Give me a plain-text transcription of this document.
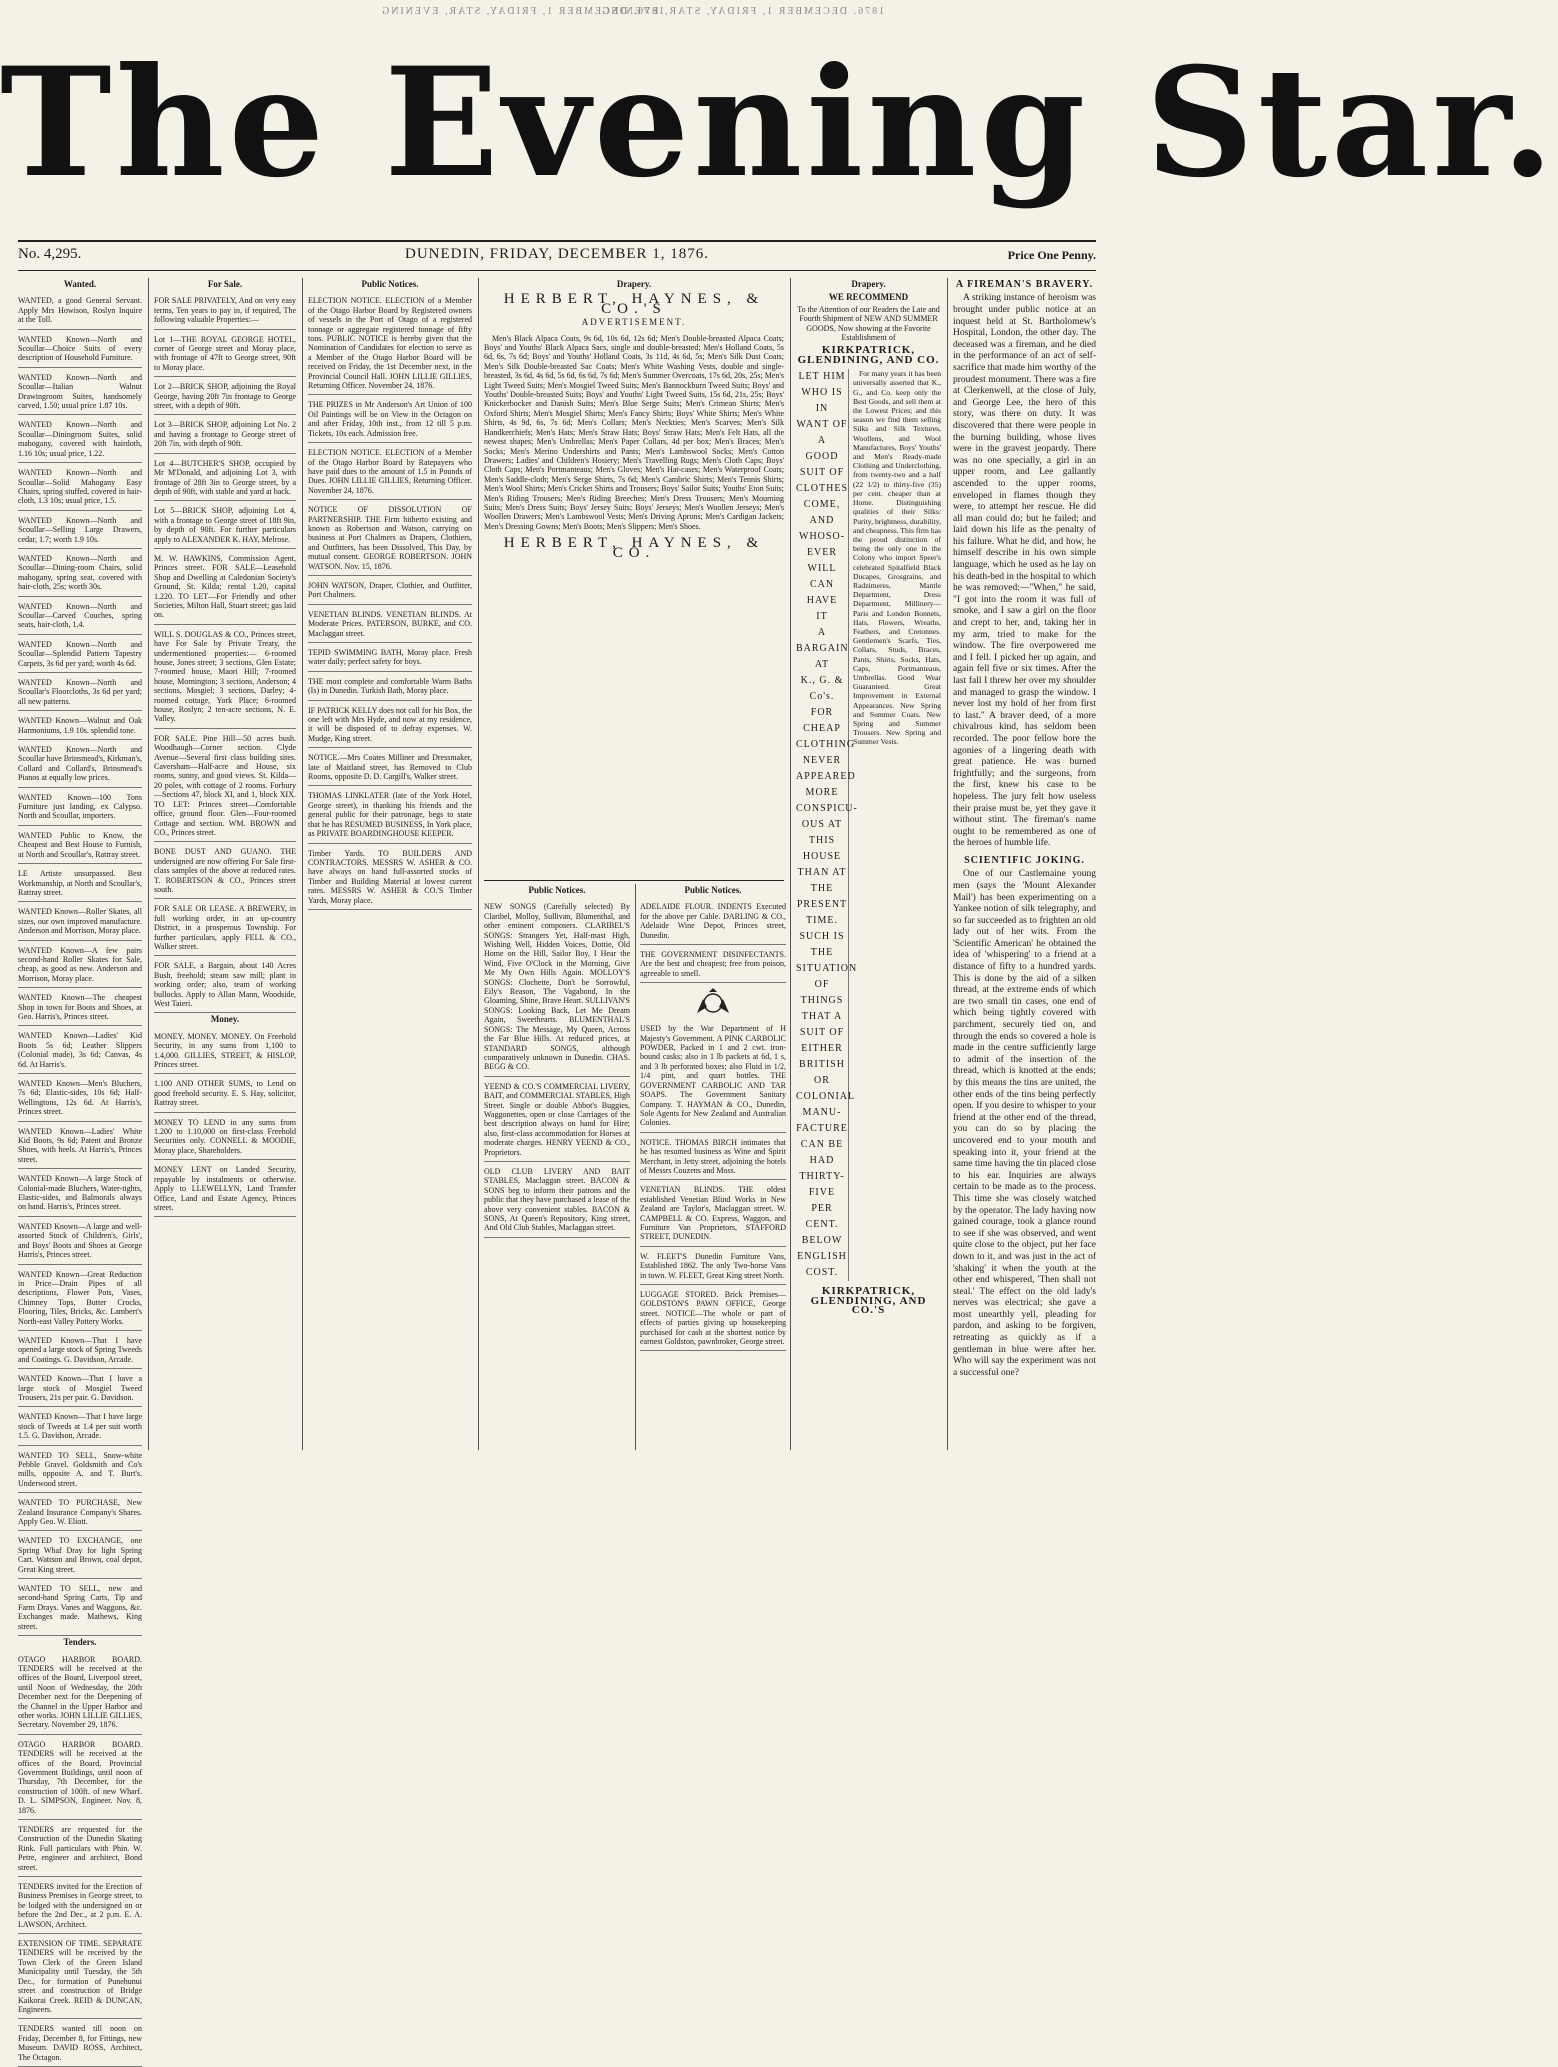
1876. DECEMBER 1, FRIDAY, STAR, EVENING
1876. DECEMBER 1, FRIDAY, STAR, EVENING
The Evening Star.
No. 4,295.	DUNEDIN, FRIDAY, DECEMBER 1, 1876.	Price One Penny.
Wanted.
WANTED, a good General Servant. Apply Mrs Howison, Roslyn Inquire at the Toll.
WANTED Known—North and Scoullar—Choice Suits of every description of Household Furniture.
WANTED Known—North and Scoullar—Italian Walnut Drawingroom Suites, handsomely carved, 1.50; usual price 1.87 10s.
WANTED Known—North and Scoullar—Diningroom Suites, solid mahogany, covered with hairdoth, 1.16 10s; usual price, 1.22.
WANTED Known—North and Scoullar—Solid Mahogany Easy Chairs, spring stuffed, covered in hair-cloth, 1.3 10s; usual price, 1.5.
WANTED Known—North and Scoullar—Selling Large Drawers, cedar, 1.7; worth 1.9 10s.
WANTED Known—North and Scoullar—Dining-room Chairs, solid mahogany, spring seat, covered with hair-cloth, 25s; worth 30s.
WANTED Known—North and Scoullar—Carved Couches, spring seats, hair-cloth, 1.4.
WANTED Known—North and Scoullar—Splendid Pattern Tapestry Carpets, 3s 6d per yard; worth 4s 6d.
WANTED Known—North and Scoullar's Floorcloths, 3s 6d per yard; all new patterns.
WANTED Known—Walnut and Oak Harmoniums, 1.9 10s. splendid tone.
WANTED Known—North and Scoullar have Brinsmead's, Kirkman's, Collard and Collard's, Brinsmead's Pianos at equally low prices.
WANTED Known—100 Tons Furniture just landing, ex Calypso. North and Scoullar, importers.
WANTED Public to Know, the Cheapest and Best House to Furnish, at North and Scoullar's, Rattray street.
LE Artiste unsurpassed. Best Workmanship, at North and Scoullar's, Rattray street.
WANTED Known—Roller Skates, all sizes, our own improved manufacture. Anderson and Morrison, Moray place.
WANTED Known—A few pairs second-hand Roller Skates for Sale, cheap, as good as new. Anderson and Morrison, Moray place.
WANTED Known—The cheapest Shop in town for Boots and Shoes, at Geo. Harris's, Princes street.
WANTED Known—Ladies' Kid Boots 5s 6d; Leather Slippers (Colonial made), 3s 6d; Canvas, 4s 6d. At Harris's.
WANTED Known—Men's Bluchers, 7s 6d; Elastic-sides, 10s 6d; Half-Wellingtons, 12s 6d. At Harris's, Princes street.
WANTED Known—Ladies' White Kid Boots, 9s 6d; Patent and Bronze Shoes, with heels. At Harris's, Princes street.
WANTED Known—A large Stock of Colonial-made Bluchers, Water-tights, Elastic-sides, and Balmorals always on hand. Harris's, Princes street.
WANTED Known—A large and well-assorted Stock of Children's, Girls', and Boys' Boots and Shoes at George Harris's, Princes street.
WANTED Known—Great Reduction in Price—Drain Pipes of all descriptions, Flower Pots, Vases, Chimney Tops, Butter Crocks, Flooring, Tiles, Bricks, &c. Lambert's North-east Valley Pottery Works.
WANTED Known—That I have opened a large stock of Spring Tweeds and Coatings. G. Davidson, Arcade.
WANTED Known—That I have a large stock of Mosgiel Tweed Trousers, 21s per pair. G. Davidson.
WANTED Known—That I have large stock of Tweeds at 1.4 per suit worth 1.5. G. Davidson, Arcade.
WANTED TO SELL, Snow-white Pebble Gravel. Goldsmith and Co's mills, opposite A. and T. Burt's. Underwood street.
WANTED TO PURCHASE, New Zealand Insurance Company's Shares. Apply Geo. W. Eliott.
WANTED TO EXCHANGE, one Spring Whaf Dray for light Spring Cart. Wattson and Brown, coal depot, Great King street.
WANTED TO SELL, new and second-hand Spring Carts, Tip and Farm Drays. Vanes and Waggons, &c. Exchanges made. Mathews, King street.
Tenders.
OTAGO HARBOR BOARD. TENDERS will be received at the offices of the Board, Liverpool street, until Noon of Wednesday, the 20th December next for the Deepening of the Channel in the Upper Harbor and other works. JOHN LILLIE GILLIES, Secretary. November 29, 1876.
OTAGO HARBOR BOARD. TENDERS will be received at the offices of the Board, Provincial Government Buildings, until noon of Thursday, 7th December, for the construction of 100ft. of new Wharf. D. L. SIMPSON, Engineer. Nov. 8, 1876.
TENDERS are requested for the Construction of the Dunedin Skating Rink. Full particulars with Phin. W. Petre, engineer and architect, Bond street.
TENDERS invited for the Erection of Business Premises in George street, to be lodged with the undersigned on or before the 2nd Dec., at 2 p.m. E. A. LAWSON, Architect.
EXTENSION OF TIME. SEPARATE TENDERS will be received by the Town Clerk of the Green Island Municipality until Tuesday, the 5th Dec., for formation of Punehunui street and construction of Bridge Kaikorai Creek. REID & DUNCAN, Engineers.
TENDERS wanted till noon on Friday, December 8, for Fittings, new Museum. DAVID ROSS, Architect, The Octagon.
For Sale.
FOR SALE PRIVATELY, And on very easy terms, Ten years to pay in, if required, The following valuable Properties:—
Lot 1—THE ROYAL GEORGE HOTEL, corner of George street and Moray place, with frontage of 47ft to George street, 90ft to Moray place.
Lot 2—BRICK SHOP, adjoining the Royal George, having 20ft 7in frontage to George street, with a depth of 90ft.
Lot 3—BRICK SHOP, adjoining Lot No. 2 and having a frontage to George street of 20ft 7in, with depth of 90ft.
Lot 4—BUTCHER'S SHOP, occupied by Mr M'Donald, and adjoining Lot 3, with frontage of 28ft 3in to George street, by a depth of 90ft, with stable and yard at back.
Lot 5—BRICK SHOP, adjoining Lot 4, with a frontage to George street of 18ft 9in, by depth of 90ft. For further particulars apply to ALEXANDER K. HAY, Melrose.
M. W. HAWKINS, Commission Agent, Princes street. FOR SALE—Leasehold Shop and Dwelling at Caledonian Society's Ground, St. Kilda; rental 1.20, capital 1.220. TO LET—For Friendly and other Societies, Milton Hall, Stuart street; gas laid on.
WILL S. DOUGLAS & CO., Princes street, have For Sale by Private Treaty, the undermentioned properties:— 6-roomed house, Jones street; 3 sections, Glen Estate; 7-roomed house, Maori Hill; 7-roomed house, Mornington; 3 sections, Anderson; 4 sections, Mosgiel; 3 sections, Darley; 4-roomed cottage, York Place; 6-roomed house, Roslyn; 2 ten-acre sections, N. E. Valley.
FOR SALE. Pine Hill—50 acres bush. Woodhaugh—Corner section. Clyde Avenue—Several first class building sites. Caversham—Half-acre and House, six rooms, sunny, and good views. St. Kilda—20 poles, with cottage of 2 rooms. Forbury—Sections 47, block XI, and 1, block XIX. TO LET: Princes street—Comfortable office, ground floor. Glen—Four-roomed Cottage and section. WM. BROWN and CO., Princes street.
BONE DUST AND GUANO. THE undersigned are now offering For Sale first-class samples of the above at reduced rates. T. ROBERTSON & CO., Princes street south.
FOR SALE OR LEASE. A BREWERY, in full working order, in an up-country District, in a prosperous Township. For further particulars, apply FELL & CO., Walker street.
FOR SALE, a Bargain, about 140 Acres Bush, freehold; steam saw mill; plant in working order; also, team of working bullocks. Apply to Allan Mann, Woodside, West Taieri.
Money.
MONEY. MONEY. MONEY. On Freehold Security, in any sums from 1,100 to 1.4,000. GILLIES, STREET, & HISLOP, Princes street.
1.100 AND OTHER SUMS, to Lend on good freehold security. E. S. Hay, solicitor, Rattray street.
MONEY TO LEND in any sums from 1.200 to 1.10,000 on first-class Freehold Securities only. CONNELL & MOODIE, Moray place, Shareholders.
MONEY LENT on Landed Security, repayable by instalments or otherwise. Apply to LLEWELLYN, Land Transfer Office, Land and Estate Agency, Princes street.
Public Notices.
ELECTION NOTICE. ELECTION of a Member of the Otago Harbor Board by Registered owners of vessels in the Port of Otago of a registered tonnage or aggregate registered tonnage of fifty tons. PUBLIC NOTICE is hereby given that the Nomination of Candidates for election to serve as a Member of the Otago Harbor Board will be received on Friday, the 1st December next, in the Provincial Council Hall. JOHN LILLIE GILLIES, Returning Officer. November 24, 1876.
THE PRIZES in Mr Anderson's Art Union of 100 Oil Paintings will be on View in the Octagon on and after Friday, 10th inst., from 12 till 5 p.m. Tickets, 10s each. Admission free.
ELECTION NOTICE. ELECTION of a Member of the Otago Harbor Board by Ratepayers who have paid dues to the amount of 1.5 in Pounds of Dues. JOHN LILLIE GILLIES, Returning Officer. November 24, 1876.
NOTICE OF DISSOLUTION OF PARTNERSHIP. THE Firm hitherto existing and known as Robertson and Watson, carrying on business at Port Chalmers as Drapers, Clothiers, and Outfitters, has been Dissolved, This Day, by mutual consent. GEORGE ROBERTSON. JOHN WATSON. Nov. 15, 1876.
JOHN WATSON, Draper, Clothier, and Outfitter, Port Chalmers.
VENETIAN BLINDS. VENETIAN BLINDS. At Moderate Prices. PATERSON, BURKE, and CO. Maclaggan street.
TEPID SWIMMING BATH, Moray place. Fresh water daily; perfect safety for boys.
THE most complete and comfortable Warm Baths (Is) in Dunedin. Turkish Bath, Moray place.
IF PATRICK KELLY does not call for his Box, the one left with Mrs Hyde, and now at my residence, it will be disposed of to defray expenses. W. Mudge, King street.
NOTICE.—Mrs Coates Milliner and Dressmaker, late of Maitland street, has Removed to Club Rooms, opposite D. D. Cargill's, Walker street.
THOMAS LINKLATER (late of the York Hotel, George street), in thanking his friends and the general public for their patronage, begs to state that he has RESUMED BUSINESS, In York place, as PRIVATE BOARDINGHOUSE KEEPER.
Timber Yards. TO BUILDERS AND CONTRACTORS. MESSRS W. ASHER & CO. have always on hand full-assorted stocks of Timber and Building Material at lowest current rates. MESSRS W. ASHER & CO.'S Timber Yards, Moray place.
Drapery.
HERBERT, HAYNES, & CO.'S
ADVERTISEMENT.
Men's Black Alpaca Coats, 9s 6d, 10s 6d, 12s 6d; Men's Double-breasted Alpaca Coats; Boys' and Youths' Black Alpaca Sacs, single and double-breasted; Men's Holland Coats, 5s 6d, 6s, 7s 6d; Boys' and Youths' Holland Coats, 3s 11d, 4s 6d, 5s; Men's Silk Dust Coats; Men's Silk Double-breasted Sac Coats; Men's White Washing Vests, double and single-breasted, 3s 6d, 4s 6d, 5s 6d, 6s 6d, 7s 6d; Men's Summer Overcoats, 17s 6d, 20s, 25s; Men's Light Tweed Suits; Men's Mosgiel Tweed Suits; Men's Bannockburn Tweed Suits; Boys' and Youths' Double-breasted Suits; Boys' and Youths' Light Tweed Suits, 15s 6d, 21s, 25s; Boys' Knickerbocker and Danish Suits; Men's Blue Serge Suits; Men's Crimean Shirts; Men's Oxford Shirts; Men's Mosgiel Shirts; Men's Fancy Shirts; Boys' White Shirts; Men's White Shirts, 4s 9d, 6s, 7s 6d; Men's Collars; Men's Neckties; Men's Scarves; Men's Silk Handkerchiefs; Men's Hats; Men's Straw Hats; Boys' Straw Hats; Men's Felt Hats, all the newest shapes; Men's Umbrellas; Men's Paper Collars, 4d per box; Men's Braces; Men's Socks; Men's Merino Undershirts and Pants; Men's Lambswool Socks; Men's Cotton Drawers; Ladies' and Children's Hosiery; Men's Travelling Rugs; Men's Cloth Caps; Boys' Cloth Caps; Men's Portmanteaus; Men's Gloves; Men's Hat-cases; Men's Waterproof Coats; Men's Saddle-cloth; Men's Serge Shirts, 7s 6d; Men's Cambric Shirts; Men's Tennis Shirts; Men's Wool Shirts; Men's Cricket Shirts and Trousers; Boys' Sailor Suits; Youths' Eton Suits; Men's Riding Trousers; Men's Riding Breeches; Men's Dress Trousers; Men's Mourning Suits; Men's Dress Suits; Boys' Jersey Suits; Boys' Jerseys; Men's Woollen Jerseys; Men's Woollen Drawers; Men's Lambswool Vests; Men's Driving Aprons; Men's Cardigan Jackets; Men's Dressing Gowns; Men's Boots; Men's Slippers; Men's Shoes.
HERBERT, HAYNES, & CO.
Public Notices.
NEW SONGS (Carefully selected) By Claribel, Molloy, Sullivan, Blumenthal, and other eminent composers. CLARIBEL'S SONGS: Strangers Yet, Half-mast High, Wishing Well, Hidden Voices, Dottie, Old Home on the Hill, Sailor Boy, I Hear the Wind, Five O'Clock in the Morning, Give Me My Own Hills Again. MOLLOY'S SONGS: Clochette, Don't be Sorrowful, Eily's Reason, The Vagabond, In the Gloaming, Shine, Brave Heart. SULLIVAN'S SONGS: Looking Back, Let Me Dream Again, Sweethearts. BLUMENTHAL'S SONGS: The Message, My Queen, Across the Far Blue Hills. At reduced prices, at STANDARD SONGS, although comparatively unknown in Dunedin. CHAS. BEGG & CO.
YEEND & CO.'S COMMERCIAL LIVERY, BAIT, and COMMERCIAL STABLES, High Street. Single or double Abbot's Buggies, Waggonettes, open or close Carriages of the best description always on hand for Hire; also, first-class accommodation for Horses at moderate charges. HENRY YEEND & CO., Proprietors.
OLD CLUB LIVERY AND BAIT STABLES, Maclaggan street. BACON & SONS beg to inform their patrons and the public that they have purchased a lease of the above very convenient stables. BACON & SONS, At Queen's Repository, King street, And Old Club Stables, Maclaggan street.
Public Notices.
ADELAIDE FLOUR. INDENTS Executed for the above per Cable. DARLING & CO., Adelaide Wine Depot, Princes street, Dunedin.
THE GOVERNMENT DISINFECTANTS. Are the best and cheapest; free from poison, agreeable to smell.
USED by the War Department of H Majesty's Government. A PINK CARBOLIC POWDER, Packed in 1 and 2 cwt. iron-bound casks; also in 1 lb packets at 6d, 1 s, and 3 lb perforated boxes; also Fluid in 1/2, 1/4 pint, and quart bottles. THE GOVERNMENT CARBOLIC AND TAR SOAPS. The Government Sanitary Company. T. HAYMAN & CO., Dunedin, Sole Agents for New Zealand and Australian Colonies.
NOTICE. THOMAS BIRCH intimates that he has resumed business as Wine and Spirit Merchant, in Jetty street, adjoining the hotels of Messrs Couzens and Moss.
VENETIAN BLINDS. THE oldest established Venetian Blind Works in New Zealand are Taylor's, Maclaggan street. W. CAMPBELL & CO. Express, Waggon, and Furniture Van Proprietors, STAFFORD STREET, DUNEDIN.
W. FLEET'S Dunedin Furniture Vans, Established 1862. The only Two-horse Vans in town. W. FLEET, Great King street North.
LUGGAGE STORED. Brick Premises— GOLDSTON'S PAWN OFFICE, George street. NOTICE—The whole or part of effects of parties giving up housekeeping purchased for cash at the shortest notice by earnest Goldston, pawnbroker, George street.
Drapery.
WE RECOMMEND
To the Attention of our Readers the Late and Fourth Shipment of NEW AND SUMMER GOODS, Now showing at the Favorite Establishment of
KIRKPATRICK, GLENDINING, AND CO.
LET HIM
WHO IS IN
WANT OF
A
GOOD
SUIT OF
CLOTHES
COME,
AND
WHOSO-
EVER
WILL
CAN HAVE
IT
A
BARGAIN
AT
K., G. & Co's.
FOR
CHEAP
CLOTHING
NEVER
APPEARED
MORE
CONSPICU-
OUS AT
THIS
HOUSE
THAN AT
THE
PRESENT
TIME.
SUCH IS
THE
SITUATION
OF THINGS
THAT A
SUIT OF
EITHER
BRITISH
OR
COLONIAL
MANU-
FACTURE
CAN BE
HAD
THIRTY-
FIVE
PER
CENT.
BELOW
ENGLISH
COST.
For many years it has been universally asserted that K., G., and Co. keep only the Best Goods, and sell them at the Lowest Prices; and this season we find them selling Silks and Silk Textures, Woollens, and Wool Manufactures, Boys' Youths' and Men's Ready-made Clothing and Underclothing, from twenty-two and a half (22 1/2) to thirty-five (35) per cent. cheaper than at Home. Distinguishing qualities of their Silks: Purity, brightness, durability, and cheapness. This firm has the proud distinction of being the only one in the Colony who import Speer's celebrated Spitalfield Black Ducapes, Grosgrains, and Radzimeres, Mantle Department, Dress Department, Millinery—Paris and London Bonnets, Hats, Flowers, Wreaths, Feathers, and Cretonnes. Gentlemen's Scarfs, Ties, Collars, Studs, Braces, Pants, Shirts, Socks, Hats, Caps, Portmanteaus, Umbrellas. Good Wear Guaranteed. Great Improvement in External Appearances. New Spring and Summer Coats. New Spring and Summer Trousers. New Spring and Summer Vests.
KIRKPATRICK, GLENDINING, AND CO.'S
A FIREMAN'S BRAVERY.

A striking instance of heroism was brought under public notice at an inquest held at St. Bartholomew's Hospital, London, the other day. The deceased was a fireman, and he died in the performance of an act of self-sacrifice that made him worthy of the proudest monument. There was a fire at Clerkenwell, at the close of July, and George Lee, the hero of this story, was there on duty. It was discovered that there were people in the burning building, whose lives were in the gravest jeopardy. There was no one specially, a girl in an upper room, and Lee gallantly ascended to the upper rooms, enveloped in flames though they were, to attempt her rescue. He did all man could do; but he failed; and laid down his life as the penalty of his failure. What he did, and how, he himself describe in his own simple language, which he used as he lay on his death-bed in the hospital to which he was removed:—"When," he said, "I got into the room it was full of smoke, and I saw a girl on the floor and crept to her, and, taking her in my arm, tried to make for the window. The fire overpowered me and I fell. I picked her up again, and again fell five or six times. After the last fall I threw her over my shoulder and managed to grasp the window. I never lost my hold of her from first to last." A braver deed, of a more chivalrous kind, has seldom been recorded. The poor fellow bore the agonies of a lingering death with great patience. He was burned frightfully; and the surgeons, from the first, knew his case to be hopeless. The jury felt how useless their praise must be, yet they gave it without stint. The fireman's name ought to be remembered as one of the heroes of humble life.

SCIENTIFIC JOKING.

One of our Castlemaine young men (says the 'Mount Alexander Mail') has been experimenting on a Yankee notion of silk telegraphy, and so far succeeded as to frighten an old lady out of her wits. From the 'Scientific American' he obtained the idea of 'whispering' to a friend at a distance of fifty to a hundred yards. This is done by the aid of a silken thread, at the extreme ends of which are two small tin cases, one end of which being tightly covered with parchment, securely tied on, and through the ends so covered a hole is made in the centre sufficiently large to admit of the insertion of the thread, which is knotted at the ends; by this means the tins are united, the other ends of the tins being perfectly open. If you desire to whisper to your friend at the other end of the thread, you can do so by placing the uncovered end to your mouth and speaking into it, your friend at the same time having the tin placed close to his ear. Inquiries are always certain to be made as to the process. This time she was closely watched by the operator. The lady having now gained courage, took a glance round to see if she was observed, and went quite close to the object, put her face down to it, and was just in the act of 'shaking' it when the youth at the other end whispered, 'Then shall not steal.' The effect on the old lady's nerves was electrical; she gave a most unearthly yell, pleading for pardon, and asking to be forgiven, retreating as quickly as if a gentleman in blue were after her. Who will say the experiment was not a successful one?
